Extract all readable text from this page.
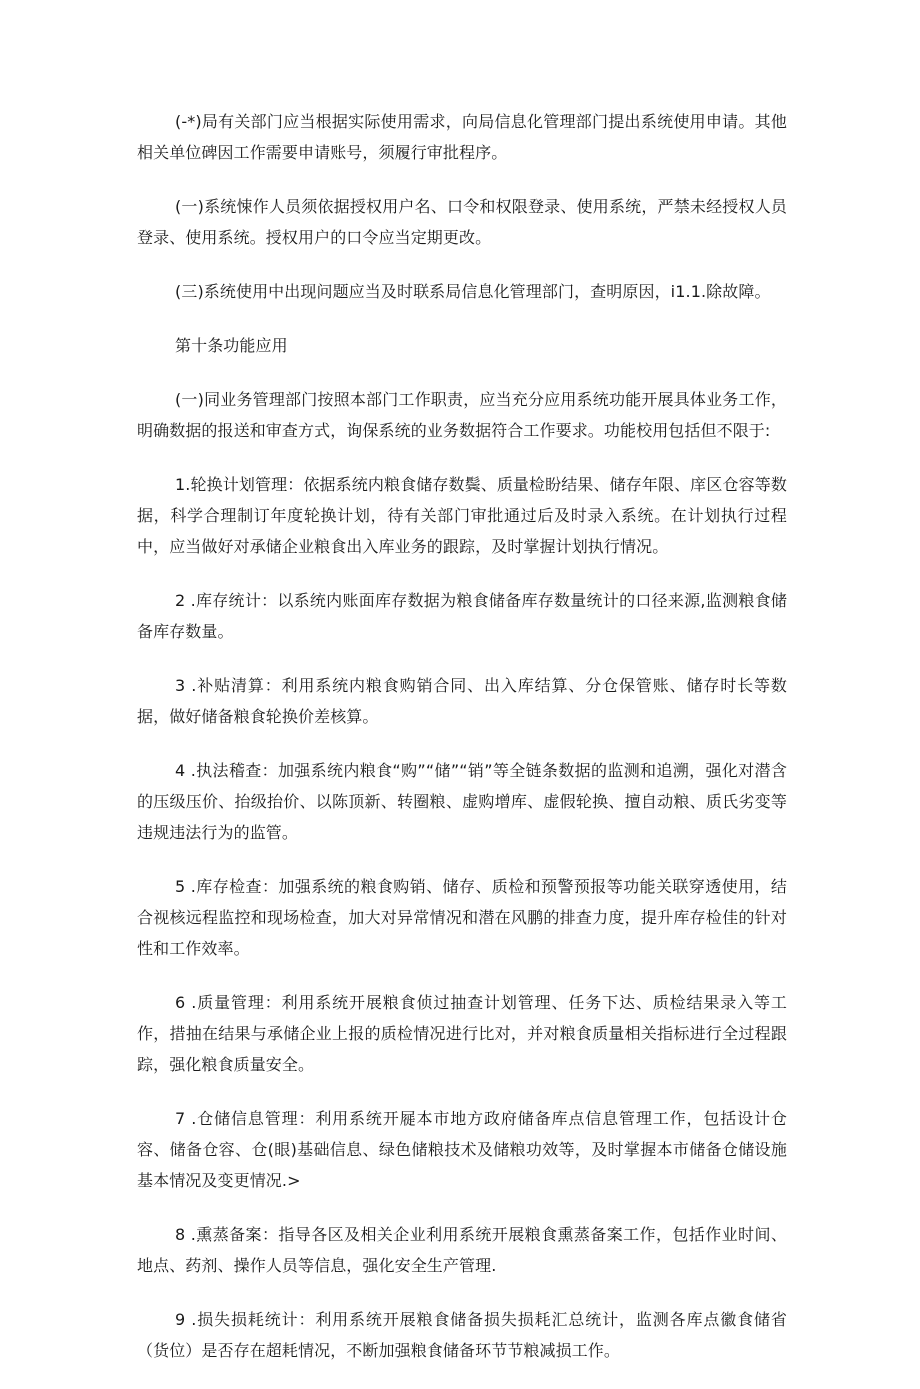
(-*)局有关部门应当根据实际使用需求，向局信息化管理部门提出系统使用申请。其他相关单位碑因工作需要申请账号，须履行审批程序。

(一)系统悚作人员须依据授权用户名、口令和权限登录、使用系统，严禁未经授权人员登录、使用系统。授权用户的口令应当定期更改。

(三)系统使用中出现问题应当及时联系局信息化管理部门，查明原因，i1.1.除故障。

第十条功能应用

(一)同业务管理部门按照本部门工作职责，应当充分应用系统功能开展具体业务工作，明确数据的报送和审查方式，询保系统的业务数据符合工作要求。功能校用包括但不限于:

1.轮换计划管理：依据系统内粮食储存数鬓、质量检盼结果、储存年限、庠区仓容等数据，科学合理制订年度轮换计划，待有关部门审批通过后及时录入系统。在计划执行过程中，应当做好对承储企业粮食出入库业务的跟踪，及时掌握计划执行情况。

2 .库存统计：以系统内账面库存数据为粮食储备库存数量统计的口径来源,监测粮食储备库存数量。

3 .补贴清算：利用系统内粮食购销合同、出入库结算、分仓保管账、储存时长等数据，做好储备粮食轮换价差核算。

4 .执法稽查：加强系统内粮食“购”“储”“销”等全链条数据的监测和追溯，强化对潜含的压级压价、抬级抬价、以陈顶新、转圈粮、虚购增库、虚假轮换、擅自动粮、质氏劣变等违规违法行为的监管。

5 .库存检查：加强系统的粮食购销、储存、质检和预警预报等功能关联穿透使用，结合视核远程监控和现场检查，加大对异常情况和潜在风鹏的排查力度，提升库存检佳的针对性和工作效率。

6 .质量管理：利用系统开展粮食侦过抽查计划管理、任务下达、质检结果录入等工作，措抽在结果与承储企业上报的质检情况进行比对，并对粮食质量相关指标进行全过程跟踪，强化粮食质量安全。

7 .仓储信息管理：利用系统开屣本市地方政府储备库点信息管理工作，包括设计仓容、储备仓容、仓(眼)基础信息、绿色储粮技术及储粮功效等，及时掌握本市储备仓储设施基本情况及变更情况.>

8 .熏蒸备案：指导各区及相关企业利用系统开展粮食熏蒸备案工作，包括作业时间、地点、药剂、操作人员等信息，强化安全生产管理.

9 .损失损耗统计：利用系统开展粮食储备损失损耗汇总统计，监测各库点徽食储省（货位）是否存在超耗情况，不断加强粮食储备环节节粮减损工作。
